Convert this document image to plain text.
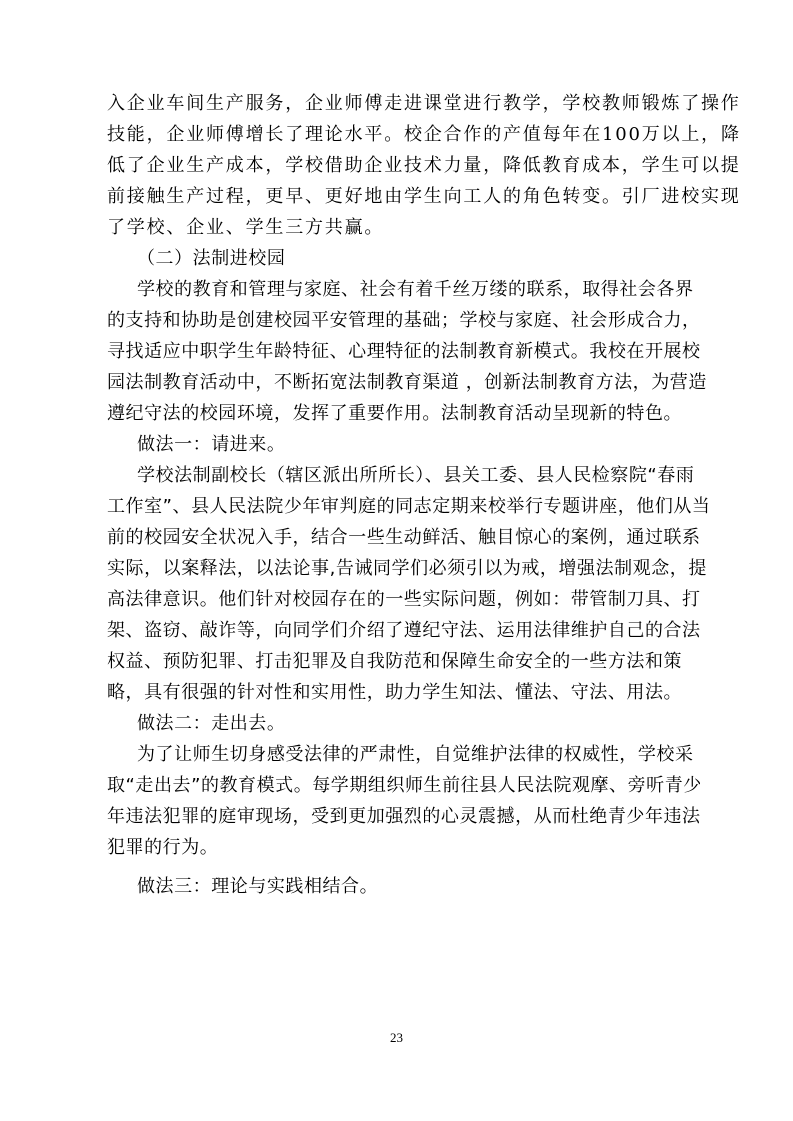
入企业车间生产服务，企业师傅走进课堂进行教学，学校教师锻炼了操作
技能，企业师傅增长了理论水平。校企合作的产值每年在100万以上，降
低了企业生产成本，学校借助企业技术力量，降低教育成本，学生可以提
前接触生产过程，更早、更好地由学生向工人的角色转变。引厂进校实现
了学校、企业、学生三方共赢。
（二）法制进校园
学校的教育和管理与家庭、社会有着千丝万缕的联系，取得社会各界
的支持和协助是创建校园平安管理的基础；学校与家庭、社会形成合力，
寻找适应中职学生年龄特征、心理特征的法制教育新模式。我校在开展校
园法制教育活动中，不断拓宽法制教育渠道 ，创新法制教育方法，为营造
遵纪守法的校园环境，发挥了重要作用。法制教育活动呈现新的特色。
做法一：请进来。
学校法制副校长（辖区派出所所长）、县关工委、县人民检察院“春雨
工作室”、县人民法院少年审判庭的同志定期来校举行专题讲座，他们从当
前的校园安全状况入手，结合一些生动鲜活、触目惊心的案例，通过联系
实际，以案释法，以法论事,告诫同学们必须引以为戒，增强法制观念，提
高法律意识。他们针对校园存在的一些实际问题，例如：带管制刀具、打
架、盗窃、敲诈等，向同学们介绍了遵纪守法、运用法律维护自己的合法
权益、预防犯罪、打击犯罪及自我防范和保障生命安全的一些方法和策
略，具有很强的针对性和实用性，助力学生知法、懂法、守法、用法。
做法二：走出去。
为了让师生切身感受法律的严肃性，自觉维护法律的权威性，学校采
取“走出去”的教育模式。每学期组织师生前往县人民法院观摩、旁听青少
年违法犯罪的庭审现场，受到更加强烈的心灵震撼，从而杜绝青少年违法
犯罪的行为。
做法三：理论与实践相结合。
23
